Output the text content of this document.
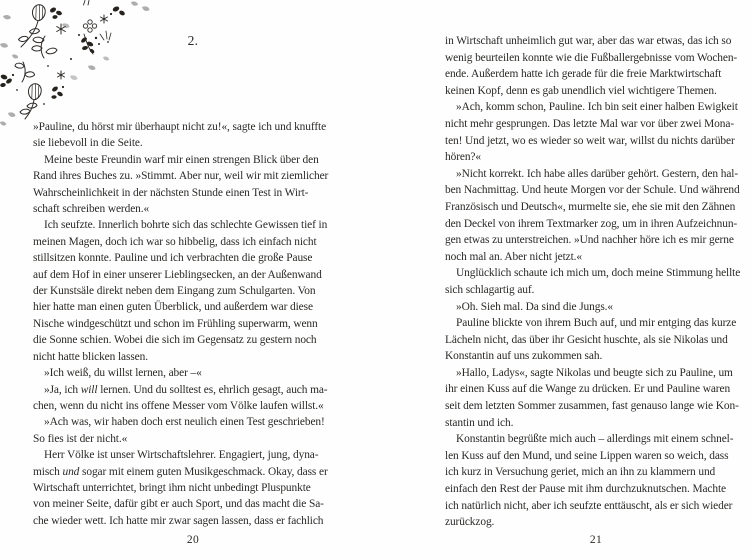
2.
»Pauline, du hörst mir überhaupt nicht zu!«, sagte ich und knuffte
sie liebevoll in die Seite.
Meine beste Freundin warf mir einen strengen Blick über den
Rand ihres Buches zu. »Stimmt. Aber nur, weil wir mit ziemlicher
Wahrscheinlichkeit in der nächsten Stunde einen Test in Wirt-
schaft schreiben werden.«
Ich seufzte. Innerlich bohrte sich das schlechte Gewissen tief in
meinen Magen, doch ich war so hibbelig, dass ich einfach nicht
stillsitzen konnte. Pauline und ich verbrachten die große Pause
auf dem Hof in einer unserer Lieblingsecken, an der Außenwand
der Kunstsäle direkt neben dem Eingang zum Schulgarten. Von
hier hatte man einen guten Überblick, und außerdem war diese
Nische windgeschützt und schon im Frühling superwarm, wenn
die Sonne schien. Wobei die sich im Gegensatz zu gestern noch
nicht hatte blicken lassen.
»Ich weiß, du willst lernen, aber –«
»Ja, ich will lernen. Und du solltest es, ehrlich gesagt, auch ma-
chen, wenn du nicht ins offene Messer vom Völke laufen willst.«
»Ach was, wir haben doch erst neulich einen Test geschrieben!
So fies ist der nicht.«
Herr Völke ist unser Wirtschaftslehrer. Engagiert, jung, dyna-
misch und sogar mit einem guten Musikgeschmack. Okay, dass er
Wirtschaft unterrichtet, bringt ihm nicht unbedingt Pluspunkte
von meiner Seite, dafür gibt er auch Sport, und das macht die Sa-
che wieder wett. Ich hatte mir zwar sagen lassen, dass er fachlich
20
in Wirtschaft unheimlich gut war, aber das war etwas, das ich so
wenig beurteilen konnte wie die Fußballergebnisse vom Wochen-
ende. Außerdem hatte ich gerade für die freie Marktwirtschaft
keinen Kopf, denn es gab unendlich viel wichtigere Themen.
»Ach, komm schon, Pauline. Ich bin seit einer halben Ewigkeit
nicht mehr gesprungen. Das letzte Mal war vor über zwei Mona-
ten! Und jetzt, wo es wieder so weit war, willst du nichts darüber
hören?«
»Nicht korrekt. Ich habe alles darüber gehört. Gestern, den hal-
ben Nachmittag. Und heute Morgen vor der Schule. Und während
Französisch und Deutsch«, murmelte sie, ehe sie mit den Zähnen
den Deckel von ihrem Textmarker zog, um in ihren Aufzeichnun-
gen etwas zu unterstreichen. »Und nachher höre ich es mir gerne
noch mal an. Aber nicht jetzt.«
Unglücklich schaute ich mich um, doch meine Stimmung hellte
sich schlagartig auf.
»Oh. Sieh mal. Da sind die Jungs.«
Pauline blickte von ihrem Buch auf, und mir entging das kurze
Lächeln nicht, das über ihr Gesicht huschte, als sie Nikolas und
Konstantin auf uns zukommen sah.
»Hallo, Ladys«, sagte Nikolas und beugte sich zu Pauline, um
ihr einen Kuss auf die Wange zu drücken. Er und Pauline waren
seit dem letzten Sommer zusammen, fast genauso lange wie Kon-
stantin und ich.
Konstantin begrüßte mich auch – allerdings mit einem schnel-
len Kuss auf den Mund, und seine Lippen waren so weich, dass
ich kurz in Versuchung geriet, mich an ihn zu klammern und
einfach den Rest der Pause mit ihm durchzuknutschen. Machte
ich natürlich nicht, aber ich seufzte enttäuscht, als er sich wieder
zurückzog.
21
